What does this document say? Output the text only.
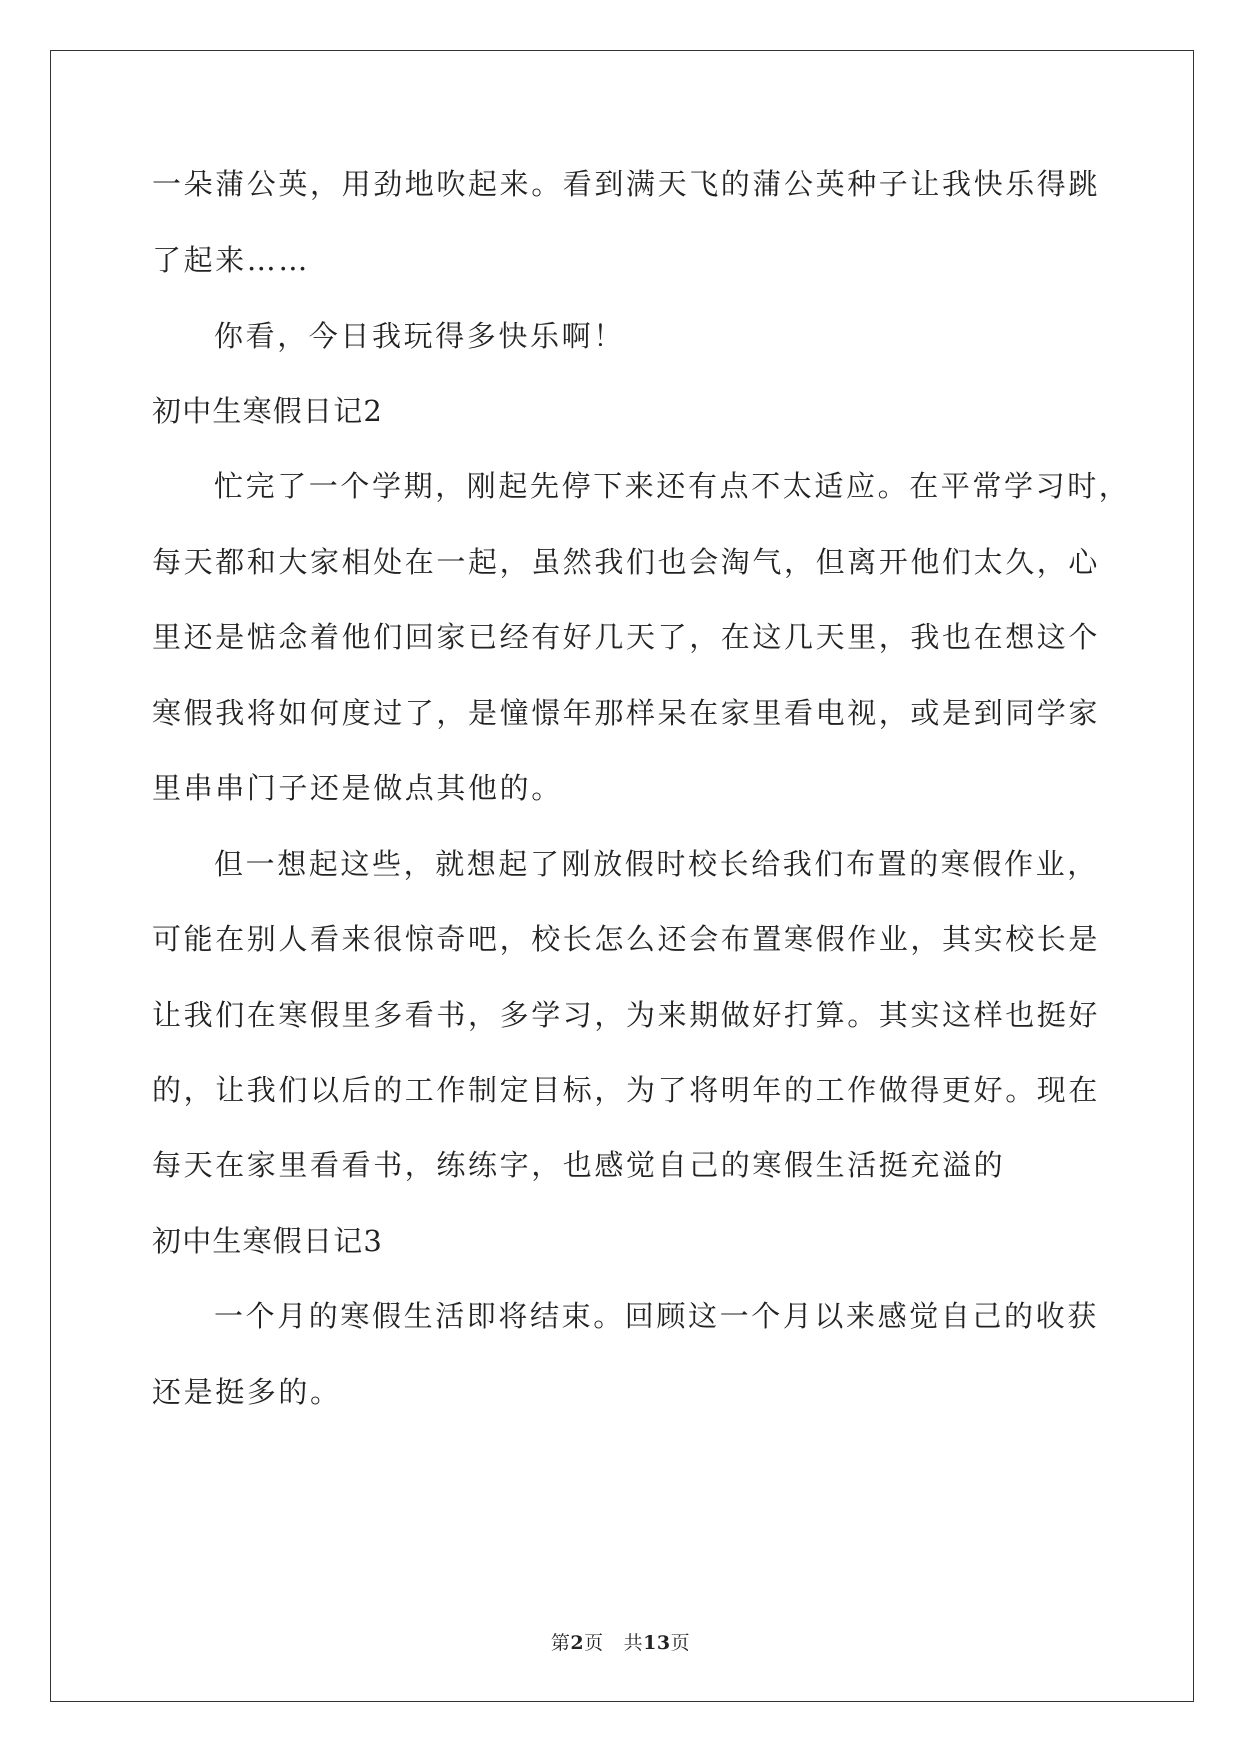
一朵蒲公英，用劲地吹起来。看到满天飞的蒲公英种子让我快乐得跳
了起来……
你看，今日我玩得多快乐啊！
初中生寒假日记2
忙完了一个学期，刚起先停下来还有点不太适应。在平常学习时，
每天都和大家相处在一起，虽然我们也会淘气，但离开他们太久，心
里还是惦念着他们回家已经有好几天了，在这几天里，我也在想这个
寒假我将如何度过了，是憧憬年那样呆在家里看电视，或是到同学家
里串串门子还是做点其他的。
但一想起这些，就想起了刚放假时校长给我们布置的寒假作业，
可能在别人看来很惊奇吧，校长怎么还会布置寒假作业，其实校长是
让我们在寒假里多看书，多学习，为来期做好打算。其实这样也挺好
的，让我们以后的工作制定目标，为了将明年的工作做得更好。现在
每天在家里看看书，练练字，也感觉自己的寒假生活挺充溢的
初中生寒假日记3
一个月的寒假生活即将结束。回顾这一个月以来感觉自己的收获
还是挺多的。
第2页 共13页
